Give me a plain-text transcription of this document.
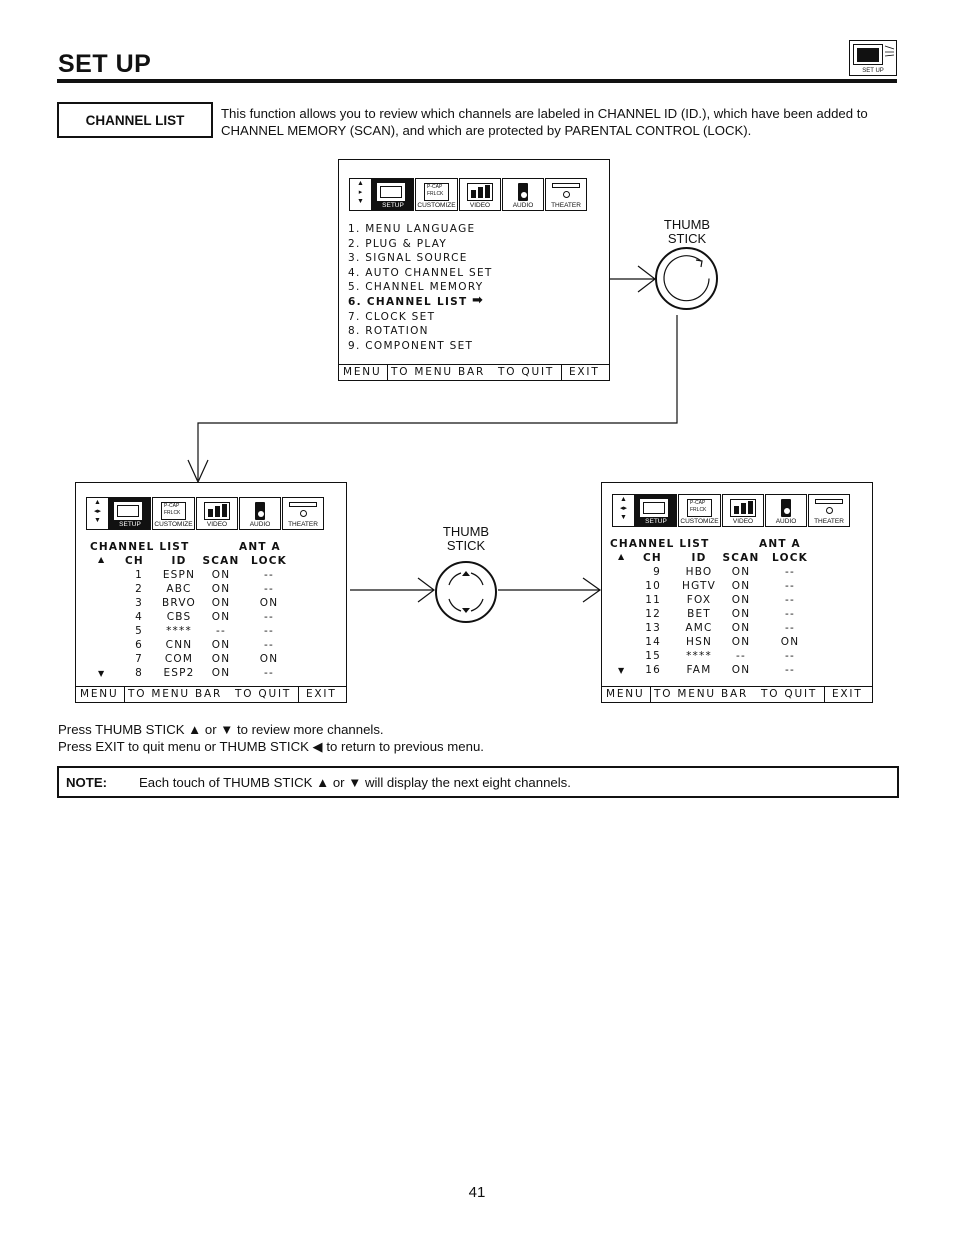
SET UP	SET UP
CHANNEL LIST	This function allows you to review which channels are labeled in CHANNEL ID (ID.), which have been added to CHANNEL MEMORY (SCAN), and which are protected by PARENTAL CONTROL (LOCK).
THUMB
STICK
THUMB
STICK
▲
▸
▼
SETUP
P-CAP
FRLCK
CUSTOMIZE	VIDEO	AUDIO	THEATER
1. MENU LANGUAGE
2. PLUG & PLAY
3. SIGNAL SOURCE
4. AUTO CHANNEL SET
5. CHANNEL MEMORY
6. CHANNEL LIST ➡
7. CLOCK SET
8. ROTATION
9. COMPONENT SET
MENU TO MENU BAR TO QUIT EXIT
▲
◂▸
▼
SETUP
P-CAP
FRLCK
CUSTOMIZE	VIDEO	AUDIO	THEATER
CHANNEL LIST	ANT A
▲ CH	ID	SCAN LOCK
1	ESPN	ON	--
2	ABC	ON	--
3	BRVO	ON	ON
4	CBS	ON	--
5	****	--	--
6	CNN	ON	--
7	COM	ON	ON
8	ESP2	ON	--
▼
MENU TO MENU BAR TO QUIT EXIT
▲
◂▸
▼
SETUP
P-CAP
FRLCK
CUSTOMIZE	VIDEO	AUDIO	THEATER
CHANNEL LIST	ANT A
▲ CH	ID	SCAN LOCK
9	HBO	ON	--
10	HGTV	ON	--
11	FOX	ON	--
12	BET	ON	--
13	AMC	ON	--
14	HSN	ON	ON
15	****	--	--
16	FAM	ON	--
▼
MENU TO MENU BAR TO QUIT EXIT
Press THUMB STICK ▲ or ▼ to review more channels.
Press EXIT to quit menu or THUMB STICK ◀ to return to previous menu.
NOTE: Each touch of THUMB STICK ▲ or ▼ will display the next eight channels.
41
